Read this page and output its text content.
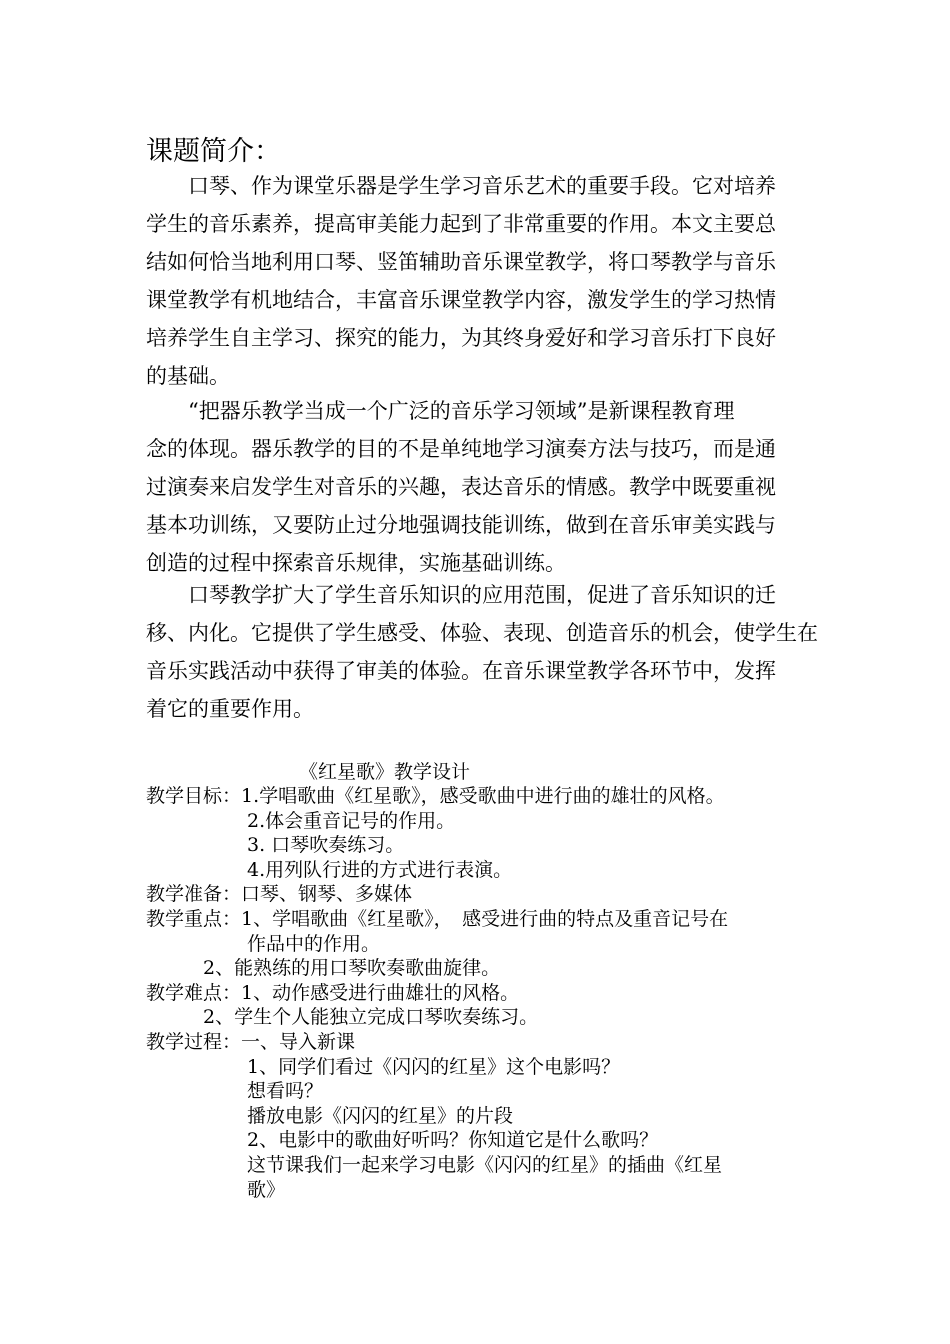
课题简介：
　　口琴、作为课堂乐器是学生学习音乐艺术的重要手段。它对培养
学生的音乐素养，提高审美能力起到了非常重要的作用。本文主要总
结如何恰当地利用口琴、竖笛辅助音乐课堂教学，将口琴教学与音乐
课堂教学有机地结合，丰富音乐课堂教学内容，激发学生的学习热情
培养学生自主学习、探究的能力，为其终身爱好和学习音乐打下良好
的基础。
　　“把器乐教学当成一个广泛的音乐学习领域”是新课程教育理
念的体现。器乐教学的目的不是单纯地学习演奏方法与技巧，而是通
过演奏来启发学生对音乐的兴趣，表达音乐的情感。教学中既要重视
基本功训练，又要防止过分地强调技能训练，做到在音乐审美实践与
创造的过程中探索音乐规律，实施基础训练。
　　口琴教学扩大了学生音乐知识的应用范围，促进了音乐知识的迁
移、内化。它提供了学生感受、体验、表现、创造音乐的机会，使学生在
音乐实践活动中获得了审美的体验。在音乐课堂教学各环节中，发挥
着它的重要作用。
《红星歌》教学设计
教学目标：1.学唱歌曲《红星歌》，感受歌曲中进行曲的雄壮的风格。
　　　　　 2.体会重音记号的作用。
　　　　　 3. 口琴吹奏练习。
　　　　　 4.用列队行进的方式进行表演。
教学准备：口琴、钢琴、多媒体
教学重点：1、学唱歌曲《红星歌》，　感受进行曲的特点及重音记号在
　　　　　 作品中的作用。
　　　2、能熟练的用口琴吹奏歌曲旋律。
教学难点：1、动作感受进行曲雄壮的风格。
　　　2、学生个人能独立完成口琴吹奏练习。
教学过程：一、导入新课
　　　　　 1、同学们看过《闪闪的红星》这个电影吗？
　　　　　 想看吗？
　　　　　 播放电影《闪闪的红星》的片段
　　　　　 2、电影中的歌曲好听吗？你知道它是什么歌吗？
　　　　　 这节课我们一起来学习电影《闪闪的红星》的插曲《红星
　　　　　 歌》
